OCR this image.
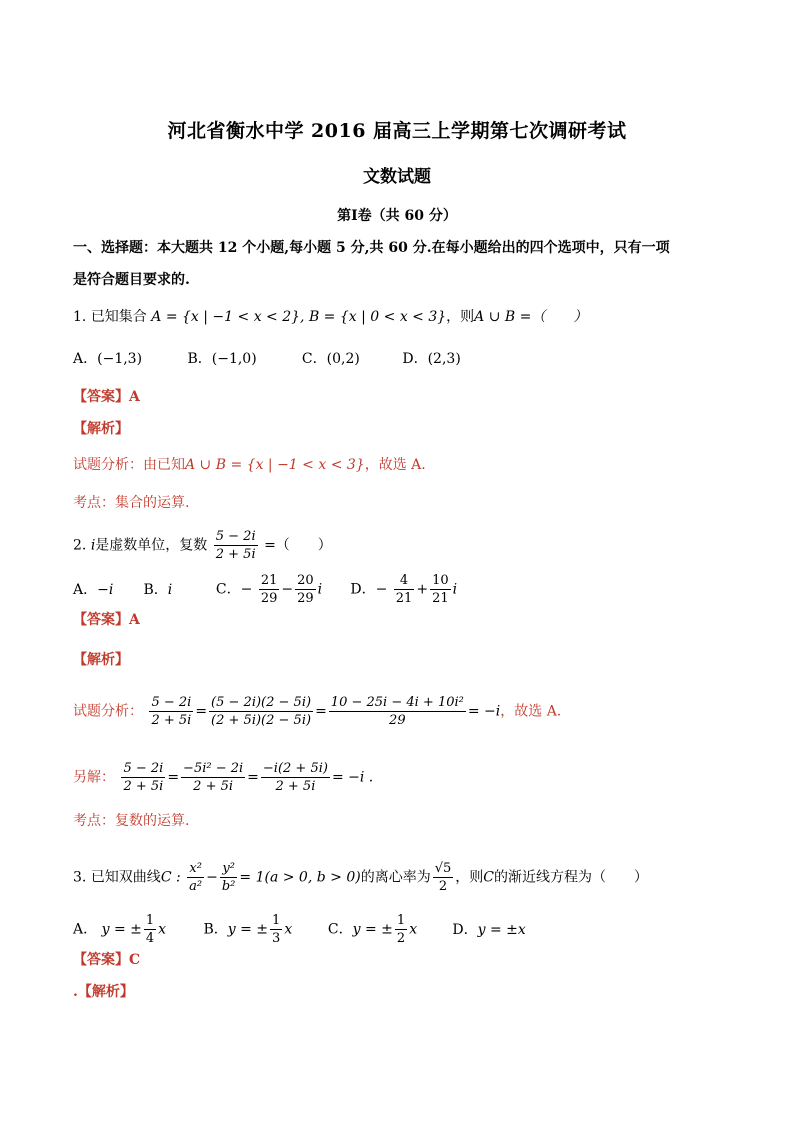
河北省衡水中学 2016 届高三上学期第七次调研考试
文数试题
第Ⅰ卷（共 60 分）
一、选择题：本大题共 12 个小题,每小题 5 分,共 60 分.在每小题给出的四个选项中，只有一项
是符合题目要求的.
1. 已知集合 A = {x | −1 < x < 2}, B = {x | 0 < x < 3}，则A ∪ B =（　　）
A．(−1,3)	B．(−1,0)	C．(0,2)	D．(2,3)
【答案】A
【解析】
试题分析：由已知A ∪ B = {x | −1 < x < 3}，故选 A.
考点：集合的运算.
2. i是虚数单位，复数 $\frac{5 - 2i}{2 + 5i}$ =（　　）
A．−i B．i	C．− $\frac{21}{29} - \frac{20}{29}$ i D．− $\frac{4}{21} + \frac{10}{21}$ i
【答案】A
【解析】
试题分析： $\frac{5 - 2i}{2 + 5i} = \frac{(5 - 2i)(2 - 5i)}{(2 + 5i)(2 - 5i)} = \frac{\text{10 − 25i − 4i + 10i²}}{29} = -i$，故选 A.
另解： $\frac{5 - 2i}{2 + 5i} = \frac{\text{−5i² − 2i}}{2 + 5i} = \frac{-i(2 + 5i)}{2 + 5i} = -i$ .
考点：复数的运算.
3. 已知双曲线C : $\frac{\text{x²}}{\text{a²}} - \frac{\text{y²}}{\text{b²}} = 1(a > 0$, b > 0)的离心率为 $\frac{√5}{2}$ ，则C的渐近线方程为（　　）
A． y = ± $\frac{1}{4}$ x	B．y = ± $\frac{1}{3}$ x	C．y = ± $\frac{1}{2}$ x	D．y = ±x
【答案】C
.【解析】
